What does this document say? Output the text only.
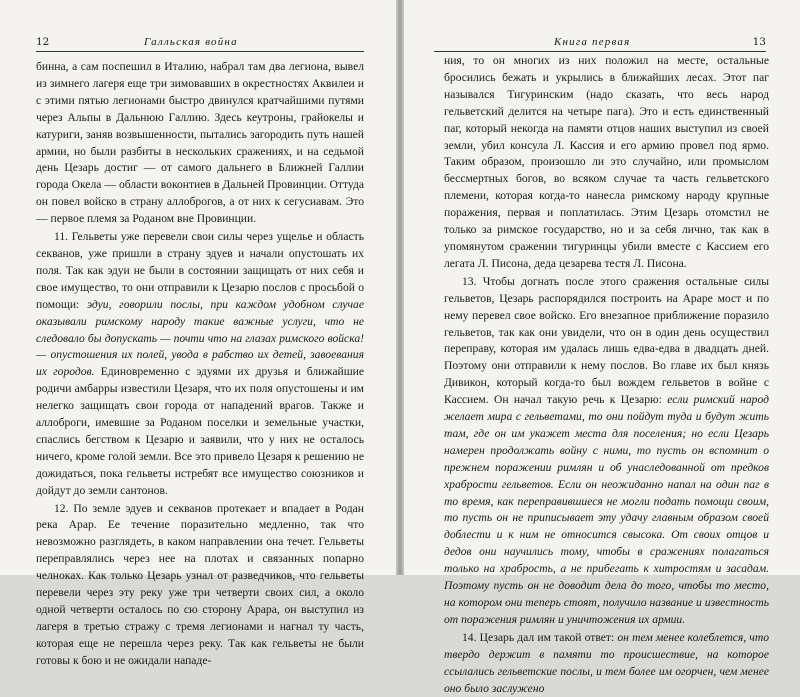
12	Галльская война

бинна, а сам поспешил в Италию, набрал там два легиона, вывел из зимнего лагеря еще три зимовавших в окрестностях Аквилеи и с этими пятью легионами быстро двинулся кратчайшими путями через Альпы в Дальнюю Галлию. Здесь кеутроны, грайокелы и катуриги, заняв возвышенности, пытались загородить путь нашей армии, но были разбиты в нескольких сражениях, и на седьмой день Цезарь достиг — от самого дальнего в Ближней Галлии города Окела — области воконтиев в Дальней Провинции. Оттуда он повел войско в страну аллоброгов, а от них к сегусиавам. Это — первое племя за Роданом вне Провинции.

11. Гельветы уже перевели свои силы через ущелье и область секванов, уже пришли в страну эдуев и начали опустошать их поля. Так как эдуи не были в состоянии защищать от них себя и свое имущество, то они отправили к Цезарю послов с просьбой о помощи: эдуи, говорили послы, при каждом удобном случае оказывали римскому народу такие важные услуги, что не следовало бы допускать — почти что на глазах римского войска! — опустошения их полей, увода в рабство их детей, завоевания их городов. Единовременно с эдуями их друзья и ближайшие родичи амбарры известили Цезаря, что их поля опустошены и им нелегко защищать свои города от нападений врагов. Также и аллоброги, имевшие за Роданом поселки и земельные участки, спаслись бегством к Цезарю и заявили, что у них не осталось ничего, кроме голой земли. Все это привело Цезаря к решению не дожидаться, пока гельветы истребят все имущество союзников и дойдут до земли сантонов.

12. По земле эдуев и секванов протекает и впадает в Родан река Арар. Ее течение поразительно медленно, так что невозможно разглядеть, в каком направлении она течет. Гельветы переправлялись через нее на плотах и связанных попарно челноках. Как только Цезарь узнал от разведчиков, что гельветы перевели через эту реку уже три четверти своих сил, а около одной четверти осталось по сю сторону Арара, он выступил из лагеря в третью стражу с тремя легионами и нагнал ту часть, которая еще не перешла через реку. Так как гельветы не были готовы к бою и не ожидали нападе-

Книга первая	13

ния, то он многих из них положил на месте, остальные бросились бежать и укрылись в ближайших лесах. Этот паг назывался Тигуринским (надо сказать, что весь народ гельветский делится на четыре пага). Это и есть единственный паг, который некогда на памяти отцов наших выступил из своей земли, убил консула Л. Кассия и его армию провел под ярмо. Таким образом, произошло ли это случайно, или промыслом бессмертных богов, во всяком случае та часть гельветского племени, которая когда-то нанесла римскому народу крупные поражения, первая и поплатилась. Этим Цезарь отомстил не только за римское государство, но и за себя лично, так как в упомянутом сражении тигуринцы убили вместе с Кассием его легата Л. Писона, деда цезарева тестя Л. Писона.

13. Чтобы догнать после этого сражения остальные силы гельветов, Цезарь распорядился построить на Араре мост и по нему перевел свое войско. Его внезапное приближение поразило гельветов, так как они увидели, что он в один день осуществил переправу, которая им удалась лишь едва-едва в двадцать дней. Поэтому они отправили к нему послов. Во главе их был князь Дивикон, который когда-то был вождем гельветов в войне с Кассием. Он начал такую речь к Цезарю: если римский народ желает мира с гельветами, то они пойдут туда и будут жить там, где он им укажет места для поселения; но если Цезарь намерен продолжать войну с ними, то пусть он вспомнит о прежнем поражении римлян и об унаследованной от предков храбрости гельветов. Если он неожиданно напал на один паг в то время, как переправившиеся не могли подать помощи своим, то пусть он не приписывает эту удачу главным образом своей доблести и к ним не относится свысока. От своих отцов и дедов они научились тому, чтобы в сражениях полагаться только на храбрость, а не прибегать к хитростям и засадам. Поэтому пусть он не доводит дела до того, чтобы то место, на котором они теперь стоят, получило название и известность от поражения римлян и уничтожения их армии.

14. Цезарь дал им такой ответ: он тем менее колеблется, что твердо держит в памяти то происшествие, на которое ссылались гельветские послы, и тем более им огорчен, чем менее оно было заслужено
